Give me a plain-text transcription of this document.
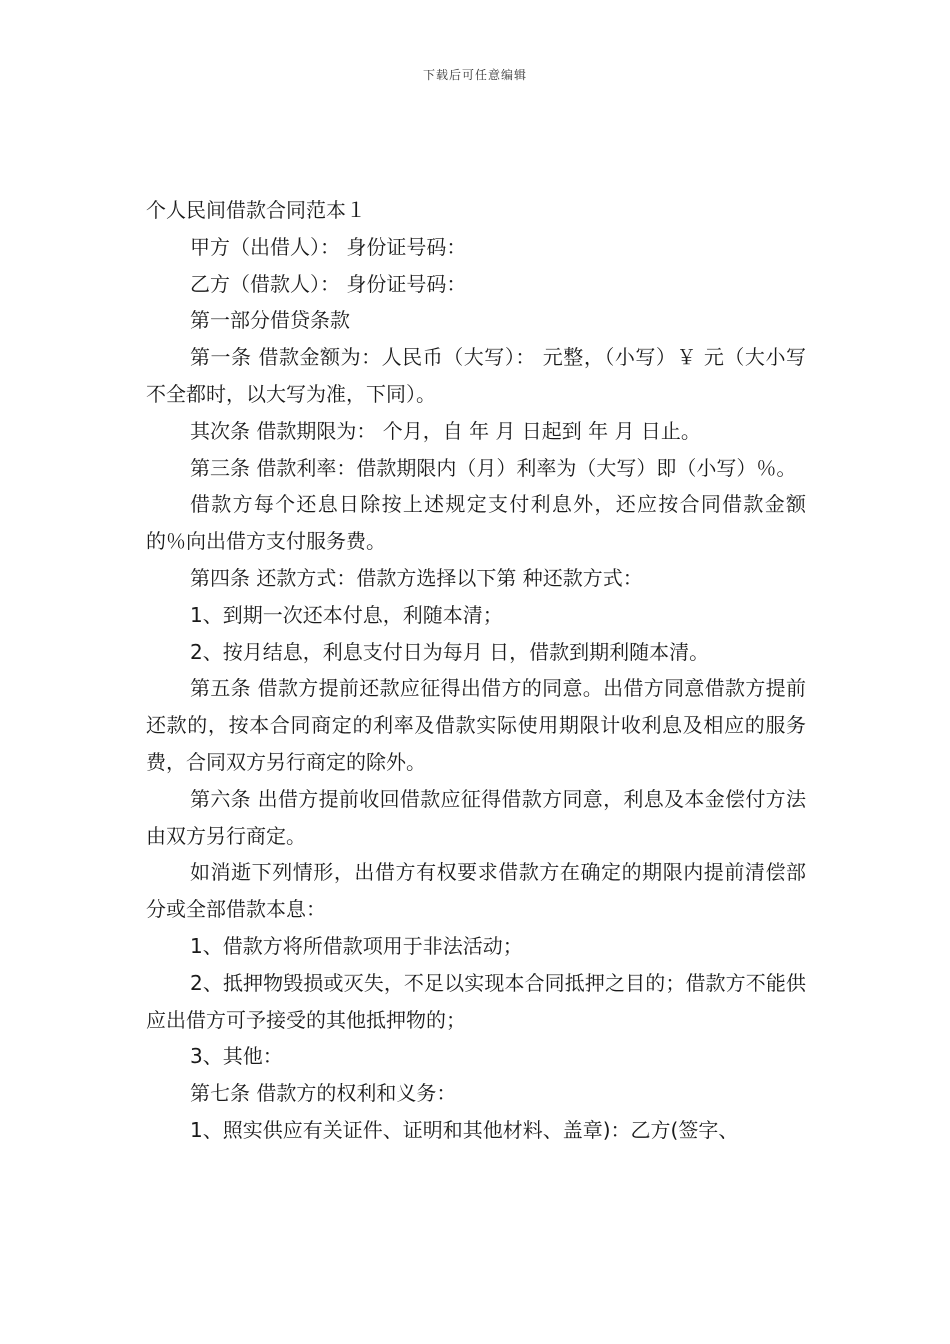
下载后可任意编辑

个人民间借款合同范本１

甲方（出借人）： 身份证号码：

乙方（借款人）： 身份证号码：

第一部分借贷条款

第一条 借款金额为：人民币（大写）： 元整，（小写）￥ 元（大小写不全都时，以大写为准，下同）。

其次条 借款期限为： 个月，自 年 月 日起到 年 月 日止。

第三条 借款利率：借款期限内（月）利率为（大写）即（小写）％。

借款方每个还息日除按上述规定支付利息外，还应按合同借款金额的％向出借方支付服务费。

第四条 还款方式：借款方选择以下第 种还款方式：

1、到期一次还本付息，利随本清；

2、按月结息，利息支付日为每月 日，借款到期利随本清。

第五条 借款方提前还款应征得出借方的同意。出借方同意借款方提前还款的，按本合同商定的利率及借款实际使用期限计收利息及相应的服务费，合同双方另行商定的除外。

第六条 出借方提前收回借款应征得借款方同意，利息及本金偿付方法由双方另行商定。

如消逝下列情形，出借方有权要求借款方在确定的期限内提前清偿部分或全部借款本息：

1、借款方将所借款项用于非法活动；

2、抵押物毁损或灭失，不足以实现本合同抵押之目的；借款方不能供应出借方可予接受的其他抵押物的；

3、其他：

第七条 借款方的权利和义务：

1、照实供应有关证件、证明和其他材料、盖章)：乙方(签字、
